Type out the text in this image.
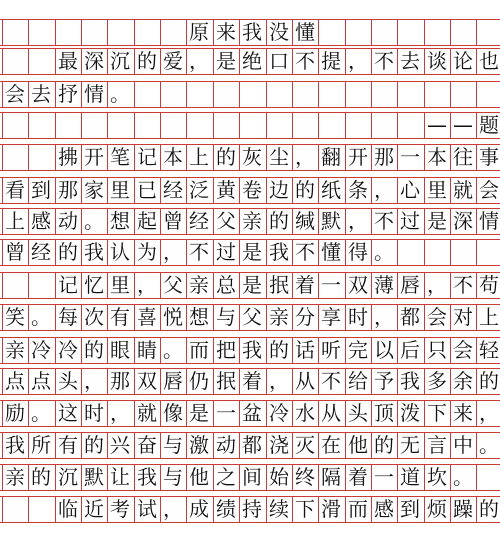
原 来 我 没 懂
最 深 沉 的 爱 ， 是 绝 口 不 提 ， 不 去 谈 论 也
会 去 抒 情 。
— — 题
拂 开 笔 记 本 上 的 灰 尘 ， 翻 开 那 一 本 往 事
看 到 那 家 里 已 经 泛 黄 卷 边 的 纸 条 ， 心 里 就 会
上 感 动 。 想 起 曾 经 父 亲 的 缄 默 ， 不 过 是 深 情
曾 经 的 我 认 为 ， 不 过 是 我 不 懂 得 。
记 忆 里 ， 父 亲 总 是 抿 着 一 双 薄 唇 ， 不 苟
笑 。 每 次 有 喜 悦 想 与 父 亲 分 享 时 ， 都 会 对 上
亲 冷 冷 的 眼 睛 。 而 把 我 的 话 听 完 以 后 只 会 轻
点 点 头 ， 那 双 唇 仍 抿 着 ， 从 不 给 予 我 多 余 的
励 。 这 时 ， 就 像 是 一 盆 冷 水 从 头 顶 泼 下 来 ，
我 所 有 的 兴 奋 与 激 动 都 浇 灭 在 他 的 无 言 中 。
亲 的 沉 默 让 我 与 他 之 间 始 终 隔 着 一 道 坎 。
临 近 考 试 ， 成 绩 持 续 下 滑 而 感 到 烦 躁 的
